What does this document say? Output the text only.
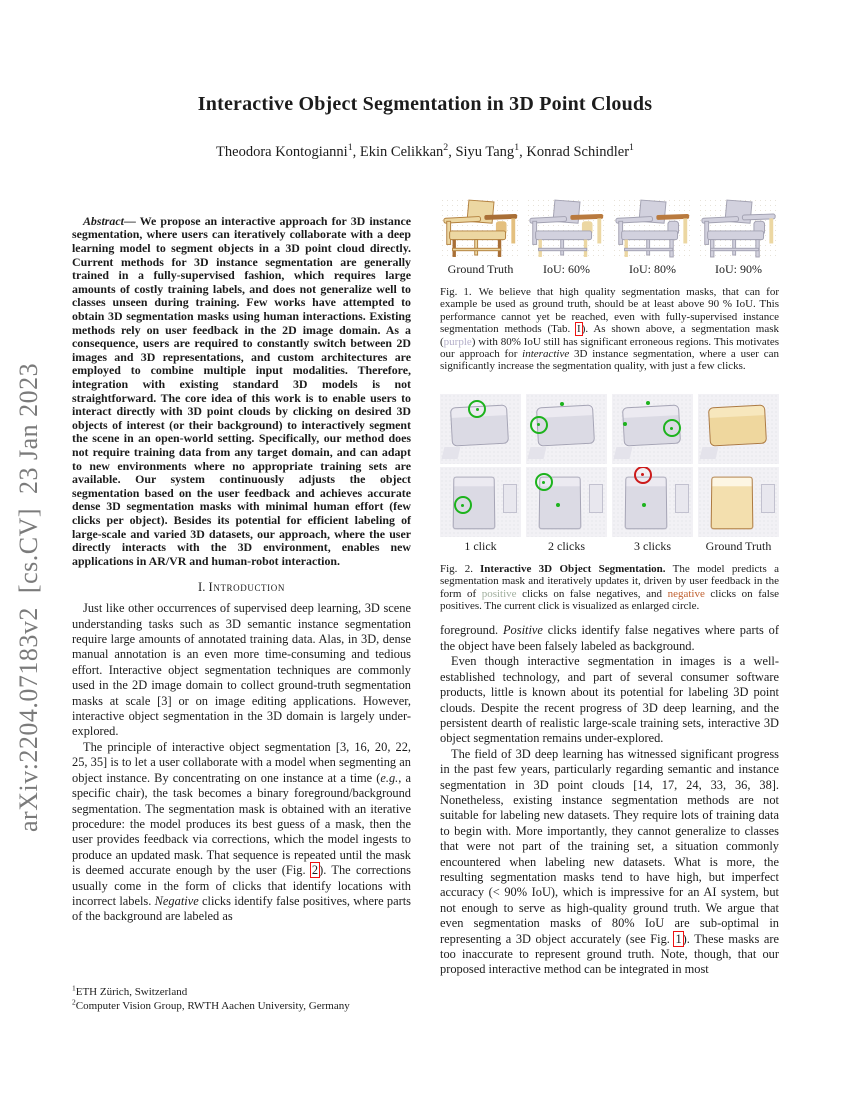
arXiv:2204.07183v2  [cs.CV]  23 Jan 2023
Interactive Object Segmentation in 3D Point Clouds
Theodora Kontogianni$^1$, Ekin Celikkan$^2$, Siyu Tang$^1$, Konrad Schindler$^1$

Abstract— We propose an interactive approach for 3D instance segmentation, where users can iteratively collaborate with a deep learning model to segment objects in a 3D point cloud directly. Current methods for 3D instance segmentation are generally trained in a fully-supervised fashion, which requires large amounts of costly training labels, and does not generalize well to classes unseen during training. Few works have attempted to obtain 3D segmentation masks using human interactions. Existing methods rely on user feedback in the 2D image domain. As a consequence, users are required to constantly switch between 2D images and 3D representations, and custom architectures are employed to combine multiple input modalities. Therefore, integration with existing standard 3D models is not straightforward. The core idea of this work is to enable users to interact directly with 3D point clouds by clicking on desired 3D objects of interest (or their background) to interactively segment the scene in an open-world setting. Specifically, our method does not require training data from any target domain, and can adapt to new environments where no appropriate training sets are available. Our system continuously adjusts the object segmentation based on the user feedback and achieves accurate dense 3D segmentation masks with minimal human effort (few clicks per object). Besides its potential for efficient labeling of large-scale and varied 3D datasets, our approach, where the user directly interacts with the 3D environment, enables new applications in AR/VR and human-robot interaction.

I. Introduction

Just like other occurrences of supervised deep learning, 3D scene understanding tasks such as 3D semantic instance segmentation require large amounts of annotated training data. Alas, in 3D, dense manual annotation is an even more time-consuming and tedious effort. Interactive object segmentation techniques are commonly used in the 2D image domain to collect ground-truth segmentation masks at scale [3] or on image editing applications. However, interactive object segmentation in the 3D domain is largely under-explored.

The principle of interactive object segmentation [3, 16, 20, 22, 25, 35] is to let a user collaborate with a model when segmenting an object instance. By concentrating on one instance at a time (e.g., a specific chair), the task becomes a binary foreground/background segmentation. The segmentation mask is obtained with an iterative procedure: the model produces its best guess of a mask, then the user provides feedback via corrections, which the model ingests to produce an updated mask. That sequence is repeated until the mask is deemed accurate enough by the user (Fig. 2). The corrections usually come in the form of clicks that identify locations with incorrect labels. Negative clicks identify false positives, where parts of the background are labeled as

$^1$ETH Zürich, Switzerland
$^2$Computer Vision Group, RWTH Aachen University, Germany
Ground Truth	IoU: 60%	IoU: 80%	IoU: 90%

Fig. 1. We believe that high quality segmentation masks, that can for example be used as ground truth, should be at least above 90 % IoU. This performance cannot yet be reached, even with fully-supervised instance segmentation methods (Tab. I). As shown above, a segmentation mask (purple) with 80% IoU still has significant erroneous regions. This motivates our approach for interactive 3D instance segmentation, where a user can significantly increase the segmentation quality, with just a few clicks.

1 click	2 clicks	3 clicks	Ground Truth

Fig. 2. Interactive 3D Object Segmentation. The model predicts a segmentation mask and iteratively updates it, driven by user feedback in the form of positive clicks on false negatives, and negative clicks on false positives. The current click is visualized as enlarged circle.

foreground. Positive clicks identify false negatives where parts of the object have been falsely labeled as background.

Even though interactive segmentation in images is a well-established technology, and part of several consumer software products, little is known about its potential for labeling 3D point clouds. Despite the recent progress of 3D deep learning, and the persistent dearth of realistic large-scale training sets, interactive 3D object segmentation remains under-explored.

The field of 3D deep learning has witnessed significant progress in the past few years, particularly regarding semantic and instance segmentation in 3D point clouds [14, 17, 24, 33, 36, 38]. Nonetheless, existing instance segmentation methods are not suitable for labeling new datasets. They require lots of training data to begin with. More importantly, they cannot generalize to classes that were not part of the training set, a situation commonly encountered when labeling new datasets. What is more, the resulting segmentation masks tend to have high, but imperfect accuracy (< 90% IoU), which is impressive for an AI system, but not enough to serve as high-quality ground truth. We argue that even segmentation masks of 80% IoU are sub-optimal in representing a 3D object accurately (see Fig. 1). These masks are too inaccurate to represent ground truth. Note, though, that our proposed interactive method can be integrated in most
